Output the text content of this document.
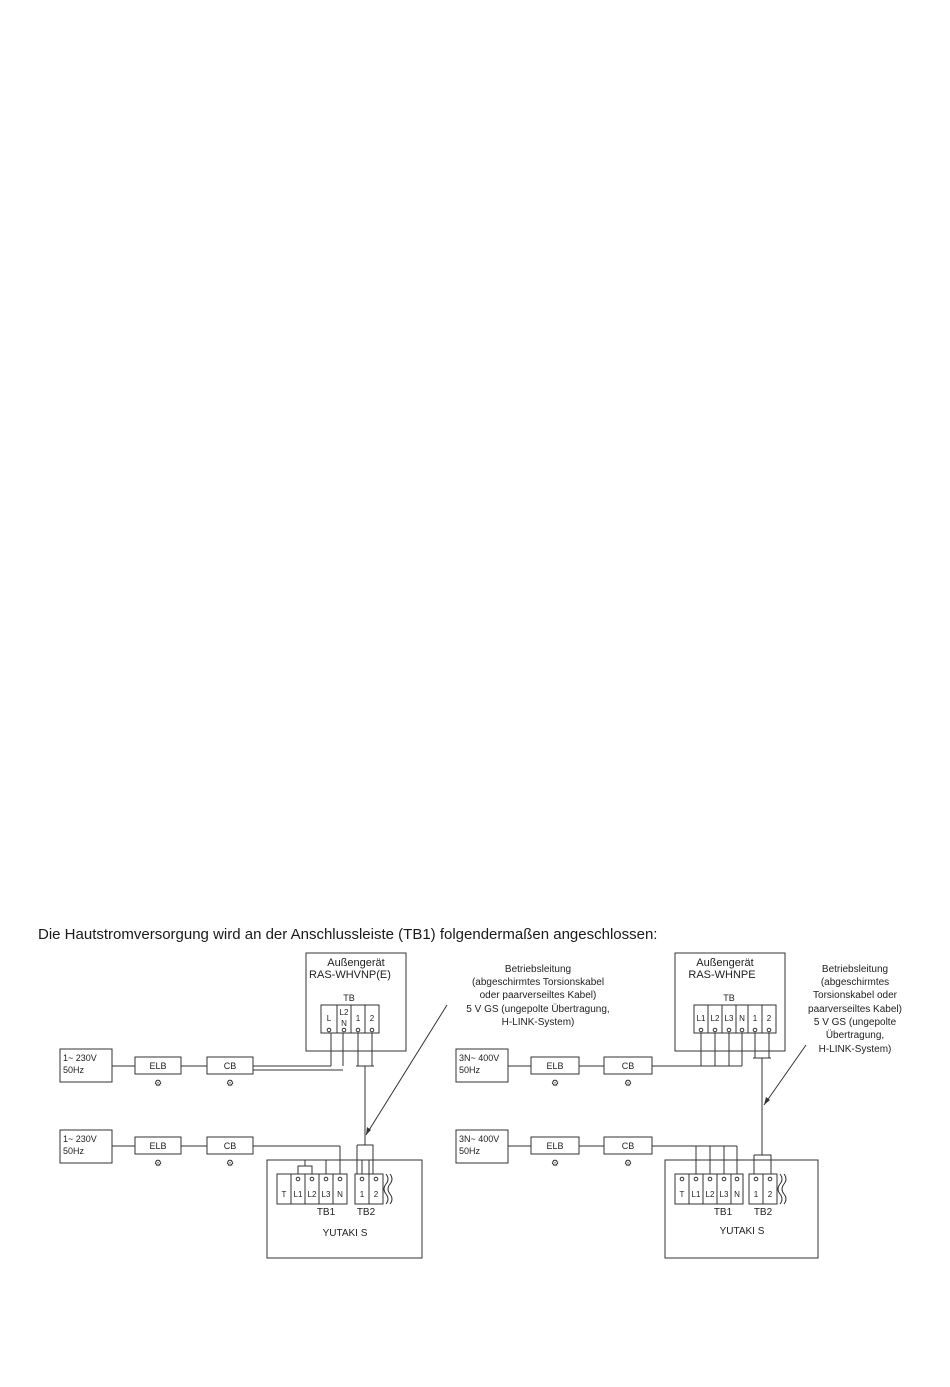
Die Hautstromversorgung wird an der Anschlussleiste (TB1) folgendermaßen angeschlossen:
Außengerät
RAS-WHVNP(E)
TB
L
L2
N
1 2
1~ 230V
50Hz	ELB
⚙
CB
⚙
T L1 L2 L3 N 1 2
TB1 TB2
YUTAKI S
1~ 230V
50Hz	ELB
⚙
CB
⚙
Betriebsleitung
(abgeschirmtes Torsionskabel
oder paarverseiltes Kabel)
5 V GS (ungepolte Übertragung,
H-LINK-System)
Außengerät
RAS-WHNPE
TB
L1 L2 L3 N 1 2
3N~ 400V
50Hz	ELB
⚙
CB
⚙
T L1 L2 L3 N 1 2
TB1 TB2
YUTAKI S
3N~ 400V
50Hz	ELB
⚙
CB
⚙
Betriebsleitung
(abgeschirmtes
Torsionskabel oder
paarverseiltes Kabel)
5 V GS (ungepolte
Übertragung,
H-LINK-System)
